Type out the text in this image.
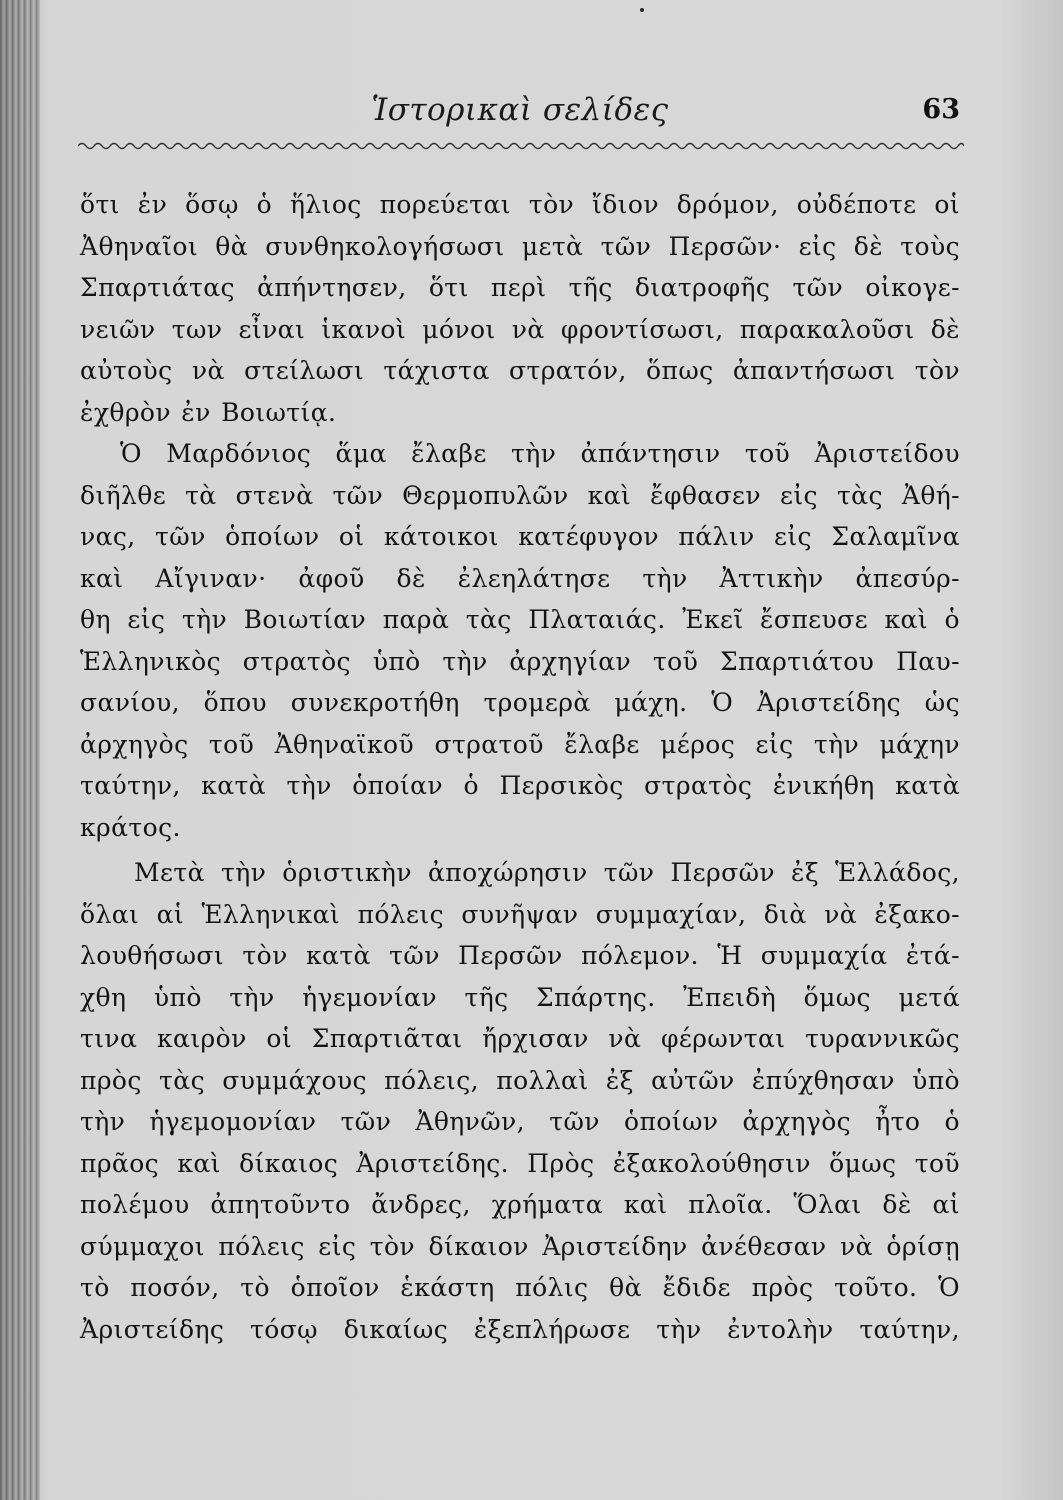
Ἱστορικαὶ σελίδες	63
ὅτι ἐν ὅσῳ ὁ ἥλιος πορεύεται τὸν ἴδιον δρόμον, οὐδέποτε οἱ
Ἀθηναῖοι θὰ συνθηκολογήσωσι μετὰ τῶν Περσῶν· εἰς δὲ τοὺς
Σπαρτιάτας ἀπήντησεν, ὅτι περὶ τῆς διατροφῆς τῶν οἰκογε-
νειῶν των εἶναι ἱκανοὶ μόνοι νὰ φροντίσωσι, παρακαλοῦσι δὲ
αὐτοὺς νὰ στείλωσι τάχιστα στρατόν, ὅπως ἀπαντήσωσι τὸν
ἐχθρὸν ἐν Βοιωτίᾳ.
Ὁ Μαρδόνιος ἅμα ἔλαβε τὴν ἀπάντησιν τοῦ Ἀριστείδου
διῆλθε τὰ στενὰ τῶν Θερμοπυλῶν καὶ ἔφθασεν εἰς τὰς Ἀθή-
νας, τῶν ὁποίων οἱ κάτοικοι κατέφυγον πάλιν εἰς Σαλαμῖνα
καὶ Αἴγιναν· ἀφοῦ δὲ ἐλεηλάτησε τὴν Ἀττικὴν ἀπεσύρ-
θη εἰς τὴν Βοιωτίαν παρὰ τὰς Πλαταιάς. Ἐκεῖ ἔσπευσε καὶ ὁ
Ἑλληνικὸς στρατὸς ὑπὸ τὴν ἀρχηγίαν τοῦ Σπαρτιάτου Παυ-
σανίου, ὅπου συνεκροτήθη τρομερὰ μάχη. Ὁ Ἀριστείδης ὡς
ἀρχηγὸς τοῦ Ἀθηναϊκοῦ στρατοῦ ἔλαβε μέρος εἰς τὴν μάχην
ταύτην, κατὰ τὴν ὁποίαν ὁ Περσικὸς στρατὸς ἐνικήθη κατὰ
κράτος.
Μετὰ τὴν ὁριστικὴν ἀποχώρησιν τῶν Περσῶν ἐξ Ἑλλάδος,
ὅλαι αἱ Ἑλληνικαὶ πόλεις συνῆψαν συμμαχίαν, διὰ νὰ ἐξακο-
λουθήσωσι τὸν κατὰ τῶν Περσῶν πόλεμον. Ἡ συμμαχία ἐτά-
χθη ὑπὸ τὴν ἡγεμονίαν τῆς Σπάρτης. Ἐπειδὴ ὅμως μετά
τινα καιρὸν οἱ Σπαρτιᾶται ἤρχισαν νὰ φέρωνται τυραννικῶς
πρὸς τὰς συμμάχους πόλεις, πολλαὶ ἐξ αὐτῶν ἐπύχθησαν ὑπὸ
τὴν ἡγεμομονίαν τῶν Ἀθηνῶν, τῶν ὁποίων ἀρχηγὸς ἦτο ὁ
πρᾶος καὶ δίκαιος Ἀριστείδης. Πρὸς ἐξακολούθησιν ὅμως τοῦ
πολέμου ἀπητοῦντο ἄνδρες, χρήματα καὶ πλοῖα. Ὅλαι δὲ αἱ
σύμμαχοι πόλεις εἰς τὸν δίκαιον Ἀριστείδην ἀνέθεσαν νὰ ὁρίσῃ
τὸ ποσόν, τὸ ὁποῖον ἑκάστη πόλις θὰ ἔδιδε πρὸς τοῦτο. Ὁ
Ἀριστείδης τόσῳ δικαίως ἐξεπλήρωσε τὴν ἐντολὴν ταύτην,
